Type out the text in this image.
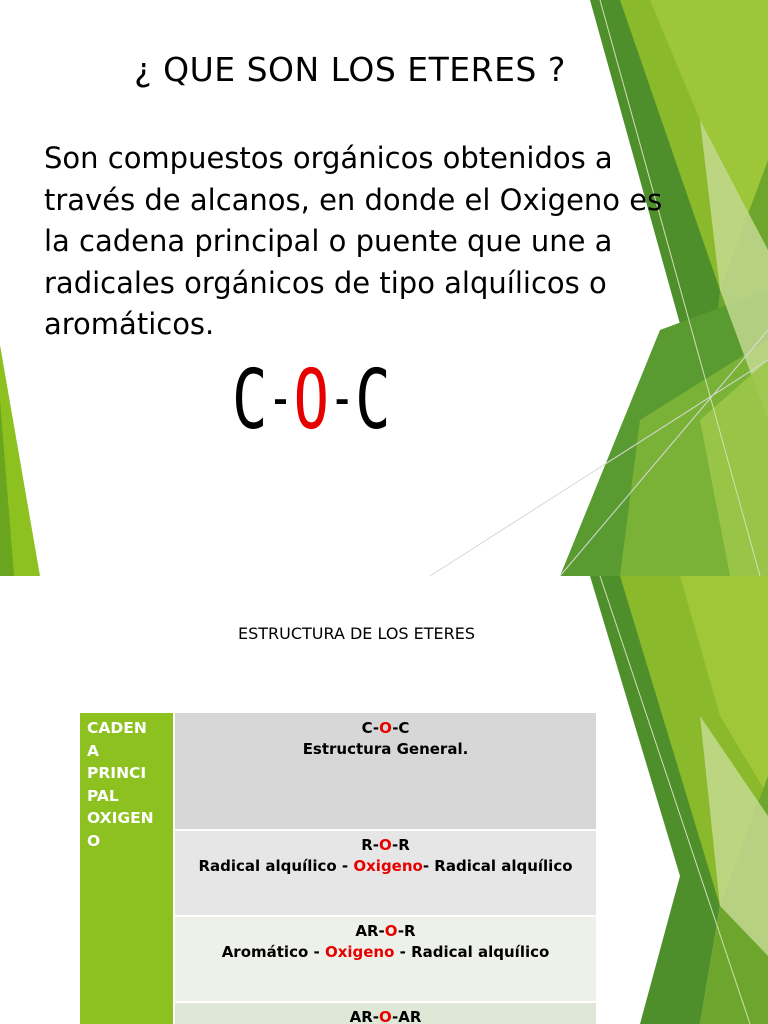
¿ QUE SON LOS ETERES ?
Son compuestos orgánicos obtenidos a través de alcanos, en donde el Oxigeno es la cadena principal o puente que une a radicales orgánicos de tipo alquílicos o aromáticos.
C-O-C
ESTRUCTURA DE LOS ETERES
CADEN
A
PRINCI
PAL
OXIGEN
O

C-O-C
Estructura General.

R-O-R
Radical alquílico - Oxigeno- Radical alquílico

AR-O-R
Aromático - Oxigeno - Radical alquílico

AR-O-AR
